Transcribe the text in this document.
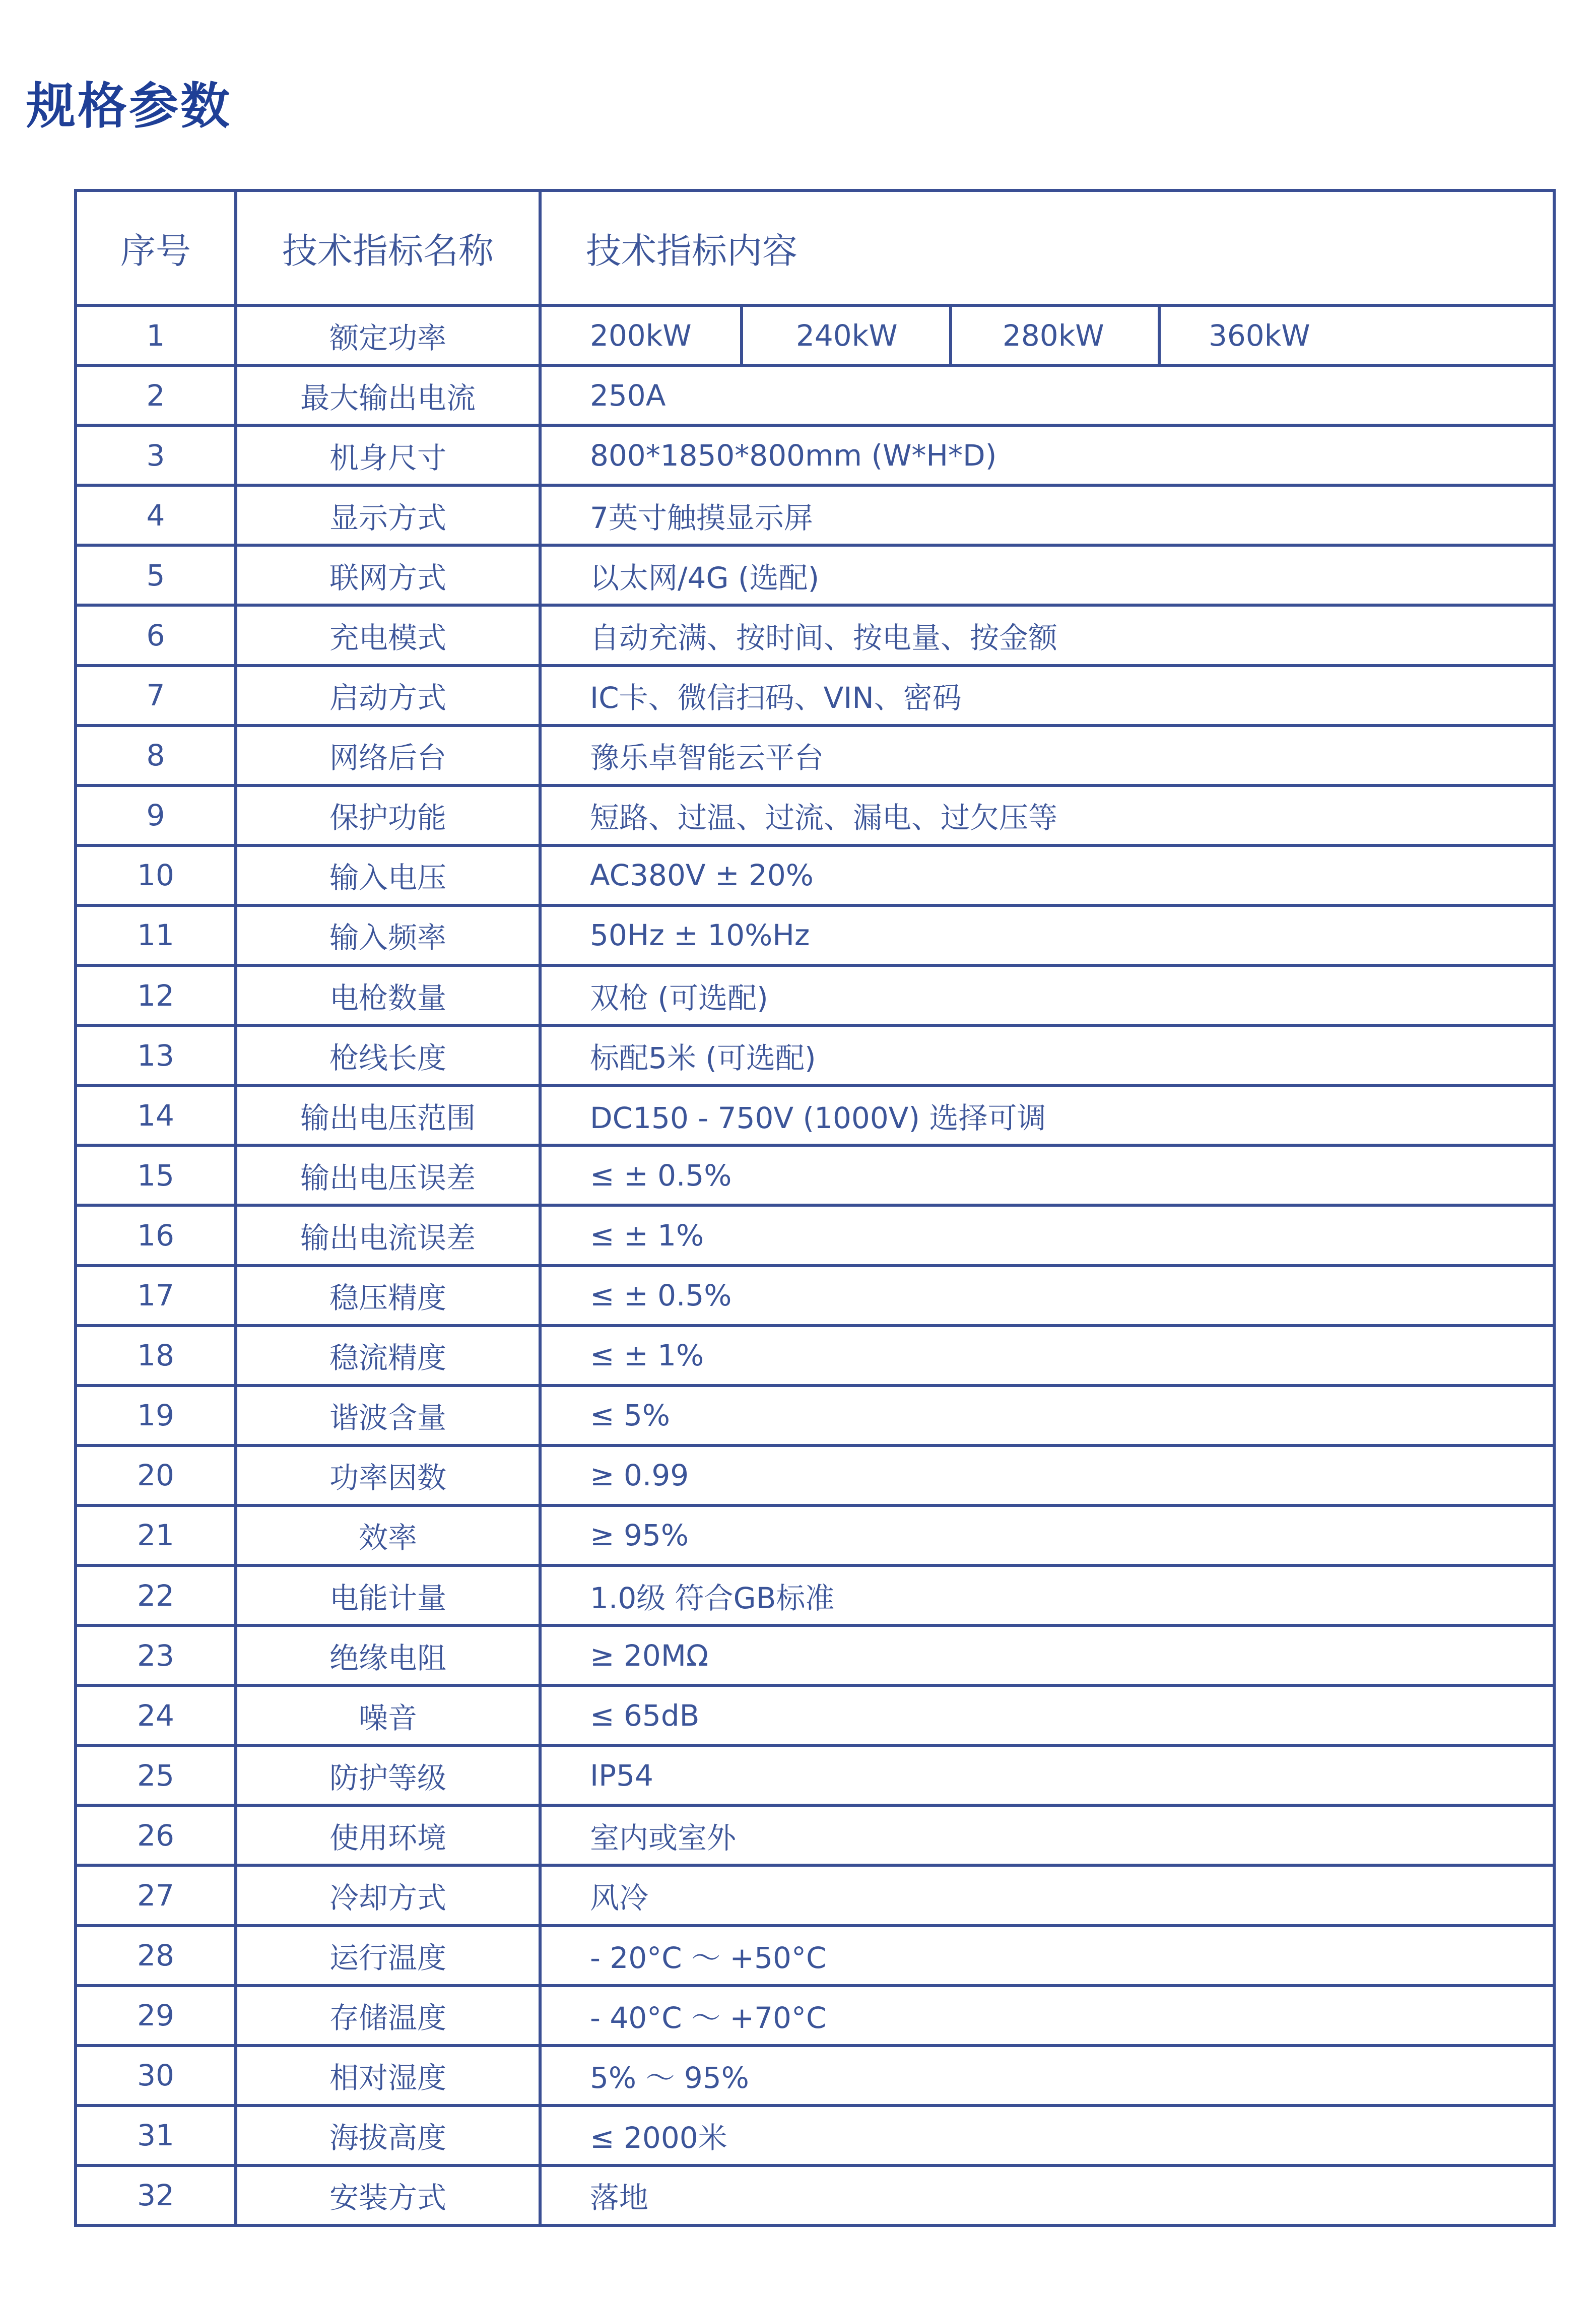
规格参数
序号	技术指标名称	技术指标内容
1	额定功率	200kW 240kW 280kW 360kW

2	最大输出电流	250A
3	机身尺寸	800*1850*800mm (W*H*D)
4	显示方式	7英寸触摸显示屏
5	联网方式	以太网/4G (选配)
6	充电模式	自动充满、按时间、按电量、按金额
7	启动方式	IC卡、微信扫码、VIN、密码
8	网络后台	豫乐卓智能云平台
9	保护功能	短路、过温、过流、漏电、过欠压等
10	输入电压	AC380V ± 20%
11	输入频率	50Hz ± 10%Hz
12	电枪数量	双枪 (可选配)
13	枪线长度	标配5米 (可选配)
14	输出电压范围	DC150 - 750V (1000V) 选择可调
15	输出电压误差	≤ ± 0.5%
16	输出电流误差	≤ ± 1%
17	稳压精度	≤ ± 0.5%
18	稳流精度	≤ ± 1%
19	谐波含量	≤ 5%
20	功率因数	≥ 0.99
21	效率	≥ 95%
22	电能计量	1.0级 符合GB标准
23	绝缘电阻	≥ 20MΩ
24	噪音	≤ 65dB
25	防护等级	IP54
26	使用环境	室内或室外
27	冷却方式	风冷
28	运行温度	- 20°C ～ +50°C
29	存储温度	- 40°C ～ +70°C
30	相对湿度	5% ～ 95%
31	海拔高度	≤ 2000米
32	安装方式	落地
